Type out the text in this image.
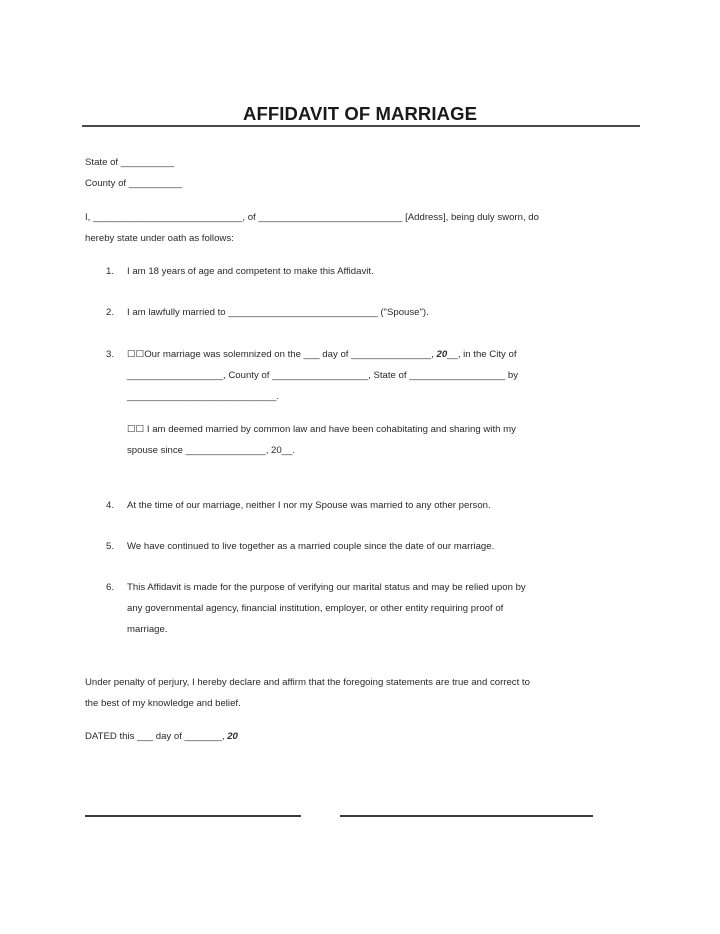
AFFIDAVIT OF MARRIAGE
State of __________
County of __________
I, ____________________________, of ___________________________ [Address], being duly sworn, do
hereby state under oath as follows:
1. I am 18 years of age and competent to make this Affidavit.
2. I am lawfully married to ____________________________ ("Spouse").
3. ☐☐Our marriage was solemnized on the ___ day of _______________, 20__, in the City of
__________________, County of __________________, State of __________________ by
____________________________.
☐☐ I am deemed married by common law and have been cohabitating and sharing with my
spouse since _______________, 20__.
4. At the time of our marriage, neither I nor my Spouse was married to any other person.
5. We have continued to live together as a married couple since the date of our marriage.
6. This Affidavit is made for the purpose of verifying our marital status and may be relied upon by
any governmental agency, financial institution, employer, or other entity requiring proof of
marriage.
Under penalty of perjury, I hereby declare and affirm that the foregoing statements are true and correct to
the best of my knowledge and belief.
DATED this ___ day of _______, 20
